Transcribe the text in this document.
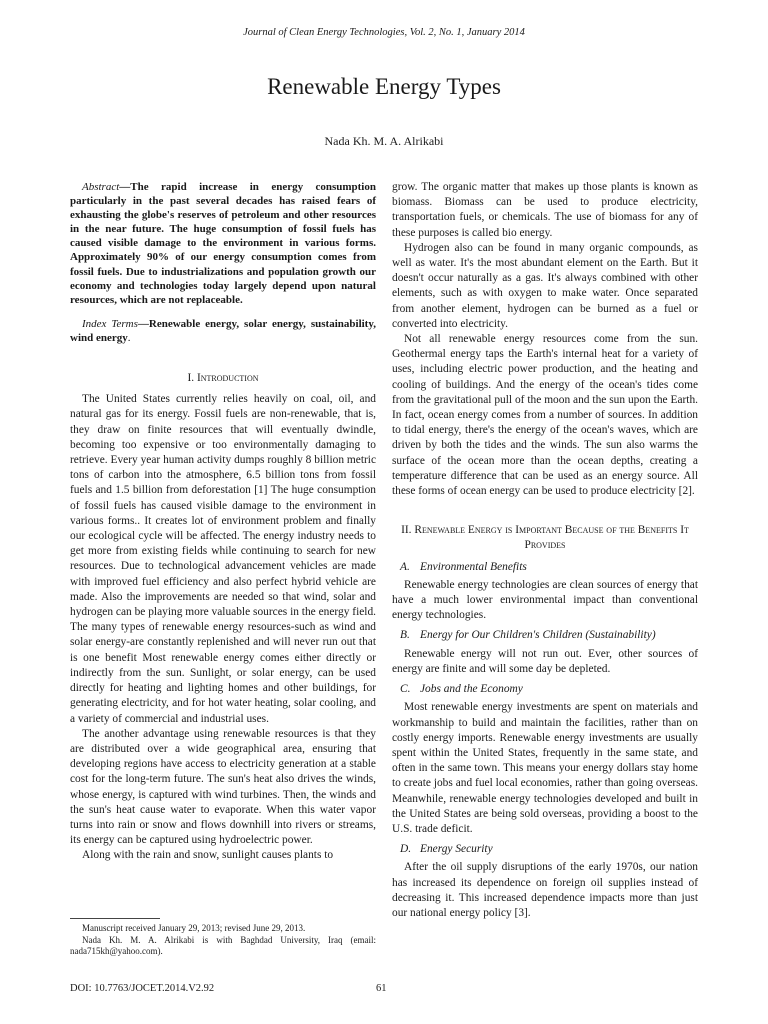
Journal of Clean Energy Technologies, Vol. 2, No. 1, January 2014
Renewable Energy Types
Nada Kh. M. A. Alrikabi

Abstract—The rapid increase in energy consumption particularly in the past several decades has raised fears of exhausting the globe's reserves of petroleum and other resources in the near future. The huge consumption of fossil fuels has caused visible damage to the environment in various forms. Approximately 90% of our energy consumption comes from fossil fuels. Due to industrializations and population growth our economy and technologies today largely depend upon natural resources, which are not replaceable.

Index Terms—Renewable energy, solar energy, sustainability, wind energy.

I. Introduction

The United States currently relies heavily on coal, oil, and natural gas for its energy. Fossil fuels are non-renewable, that is, they draw on finite resources that will eventually dwindle, becoming too expensive or too environmentally damaging to retrieve. Every year human activity dumps roughly 8 billion metric tons of carbon into the atmosphere, 6.5 billion tons from fossil fuels and 1.5 billion from deforestation [1] The huge consumption of fossil fuels has caused visible damage to the environment in various forms.. It creates lot of environment problem and finally our ecological cycle will be affected. The energy industry needs to get more from existing fields while continuing to search for new resources. Due to technological advancement vehicles are made with improved fuel efficiency and also perfect hybrid vehicle are made. Also the improvements are needed so that wind, solar and hydrogen can be playing more valuable sources in the energy field. The many types of renewable energy resources-such as wind and solar energy-are constantly replenished and will never run out that is one benefit Most renewable energy comes either directly or indirectly from the sun. Sunlight, or solar energy, can be used directly for heating and lighting homes and other buildings, for generating electricity, and for hot water heating, solar cooling, and a variety of commercial and industrial uses.

The another advantage using renewable resources is that they are distributed over a wide geographical area, ensuring that developing regions have access to electricity generation at a stable cost for the long-term future. The sun's heat also drives the winds, whose energy, is captured with wind turbines. Then, the winds and the sun's heat cause water to evaporate. When this water vapor turns into rain or snow and flows downhill into rivers or streams, its energy can be captured using hydroelectric power.

Along with the rain and snow, sunlight causes plants to

grow. The organic matter that makes up those plants is known as biomass. Biomass can be used to produce electricity, transportation fuels, or chemicals. The use of biomass for any of these purposes is called bio energy.

Hydrogen also can be found in many organic compounds, as well as water. It's the most abundant element on the Earth. But it doesn't occur naturally as a gas. It's always combined with other elements, such as with oxygen to make water. Once separated from another element, hydrogen can be burned as a fuel or converted into electricity.

Not all renewable energy resources come from the sun. Geothermal energy taps the Earth's internal heat for a variety of uses, including electric power production, and the heating and cooling of buildings. And the energy of the ocean's tides come from the gravitational pull of the moon and the sun upon the Earth. In fact, ocean energy comes from a number of sources. In addition to tidal energy, there's the energy of the ocean's waves, which are driven by both the tides and the winds. The sun also warms the surface of the ocean more than the ocean depths, creating a temperature difference that can be used as an energy source. All these forms of ocean energy can be used to produce electricity [2].

II. Renewable Energy is Important Because of the Benefits It Provides
A. Environmental Benefits

Renewable energy technologies are clean sources of energy that have a much lower environmental impact than conventional energy technologies.

B. Energy for Our Children's Children (Sustainability)

Renewable energy will not run out. Ever, other sources of energy are finite and will some day be depleted.

C. Jobs and the Economy

Most renewable energy investments are spent on materials and workmanship to build and maintain the facilities, rather than on costly energy imports. Renewable energy investments are usually spent within the United States, frequently in the same state, and often in the same town. This means your energy dollars stay home to create jobs and fuel local economies, rather than going overseas. Meanwhile, renewable energy technologies developed and built in the United States are being sold overseas, providing a boost to the U.S. trade deficit.

D. Energy Security

After the oil supply disruptions of the early 1970s, our nation has increased its dependence on foreign oil supplies instead of decreasing it. This increased dependence impacts more than just our national energy policy [3].

Manuscript received January 29, 2013; revised June 29, 2013.

Nada Kh. M. A. Alrikabi is with Baghdad University, Iraq (email: nada715kh@yahoo.com).

DOI: 10.7763/JOCET.2014.V2.92	61
